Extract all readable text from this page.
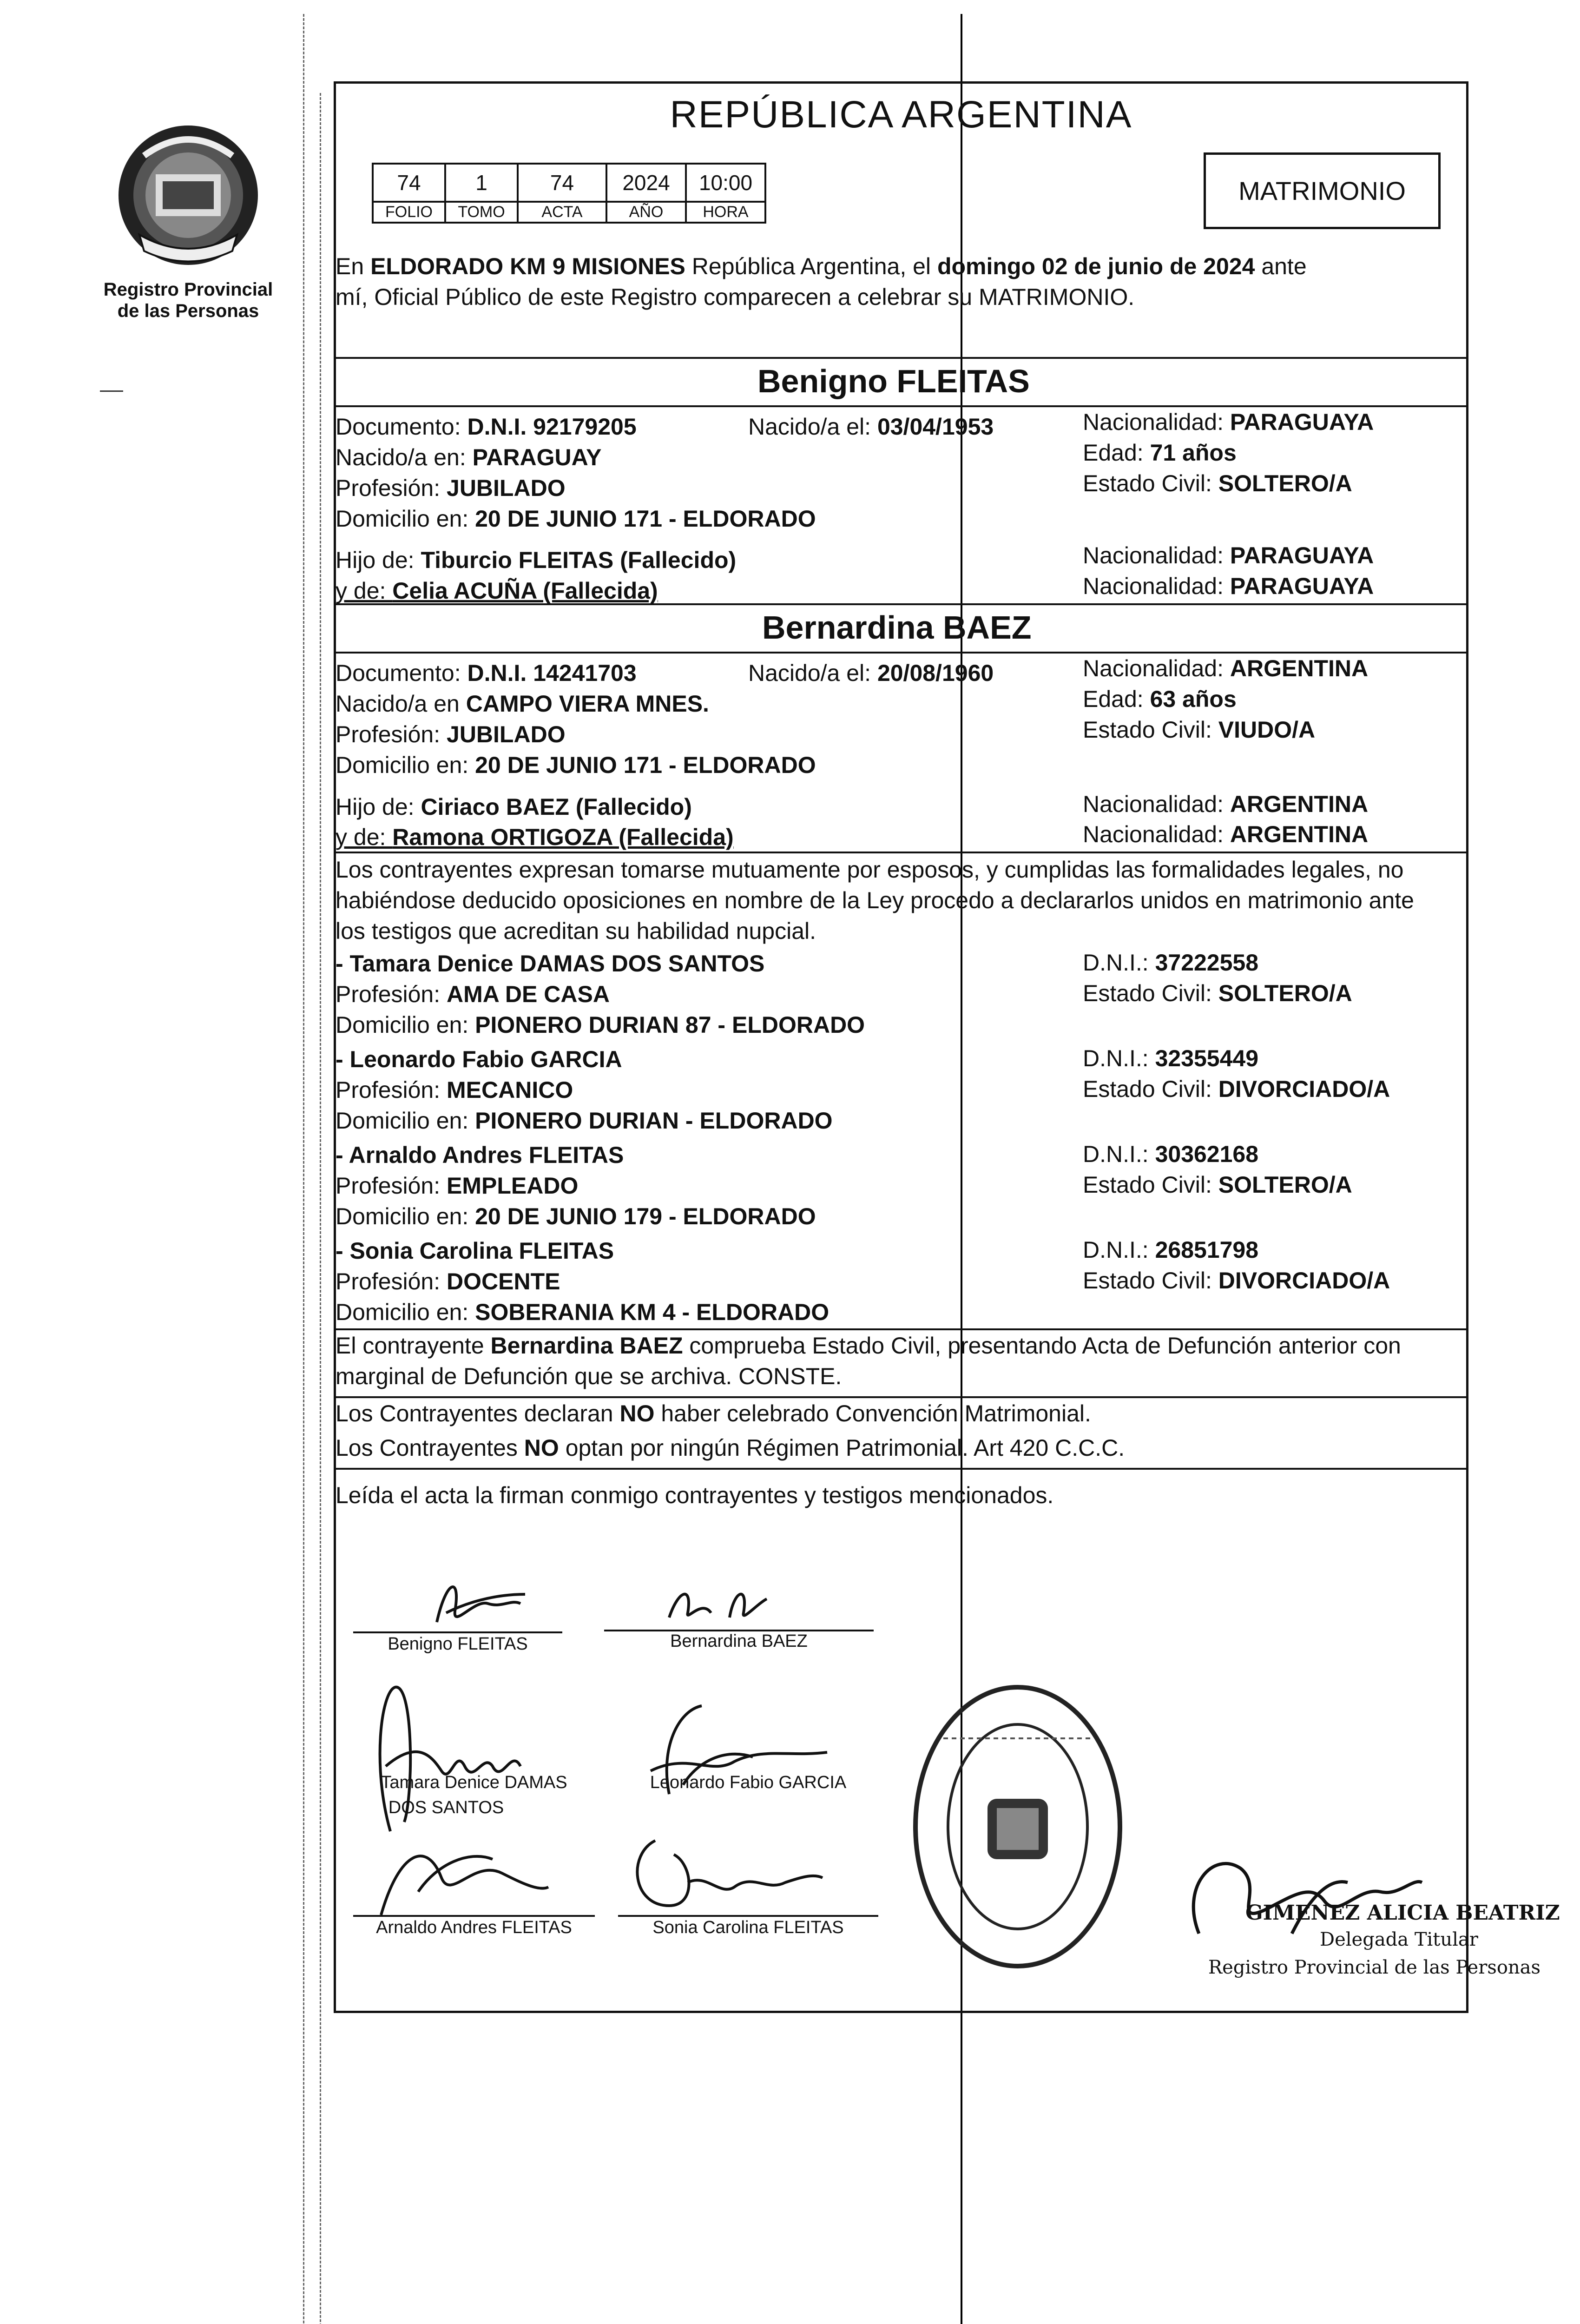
Registro Provincial
de las Personas
REPÚBLICA ARGENTINA
74	1	74	2024	10:00
FOLIO	TOMO	ACTA	AÑO	HORA
MATRIMONIO
En ELDORADO KM 9 MISIONES República Argentina, el domingo 02 de junio de 2024 ante
mí, Oficial Público de este Registro comparecen a celebrar su MATRIMONIO.
Benigno FLEITAS
Documento: D.N.I. 92179205	Nacido/a el: 03/04/1953	Nacionalidad: PARAGUAYA
Nacido/a en: PARAGUAY	Edad: 71 años
Profesión: JUBILADO	Estado Civil: SOLTERO/A
Domicilio en: 20 DE JUNIO 171 - ELDORADO
Hijo de: Tiburcio FLEITAS (Fallecido)	Nacionalidad: PARAGUAYA
y de: Celia ACUÑA (Fallecida)	Nacionalidad: PARAGUAYA
Bernardina BAEZ
Documento: D.N.I. 14241703	Nacido/a el: 20/08/1960	Nacionalidad: ARGENTINA
Nacido/a en CAMPO VIERA MNES.	Edad: 63 años
Profesión: JUBILADO	Estado Civil: VIUDO/A
Domicilio en: 20 DE JUNIO 171 - ELDORADO
Hijo de: Ciriaco BAEZ (Fallecido)	Nacionalidad: ARGENTINA
y de: Ramona ORTIGOZA (Fallecida)	Nacionalidad: ARGENTINA
Los contrayentes expresan tomarse mutuamente por esposos, y cumplidas las formalidades legales, no
habiéndose deducido oposiciones en nombre de la Ley procedo a declararlos unidos en matrimonio ante
los testigos que acreditan su habilidad nupcial.
- Tamara Denice DAMAS DOS SANTOS	D.N.I.: 37222558
Profesión: AMA DE CASA	Estado Civil: SOLTERO/A
Domicilio en: PIONERO DURIAN 87 - ELDORADO
- Leonardo Fabio GARCIA	D.N.I.: 32355449
Profesión: MECANICO	Estado Civil: DIVORCIADO/A
Domicilio en: PIONERO DURIAN - ELDORADO
- Arnaldo Andres FLEITAS	D.N.I.: 30362168
Profesión: EMPLEADO	Estado Civil: SOLTERO/A
Domicilio en: 20 DE JUNIO 179 - ELDORADO
- Sonia Carolina FLEITAS	D.N.I.: 26851798
Profesión: DOCENTE	Estado Civil: DIVORCIADO/A
Domicilio en: SOBERANIA KM 4 - ELDORADO
El contrayente Bernardina BAEZ comprueba Estado Civil, presentando Acta de Defunción anterior con
marginal de Defunción que se archiva. CONSTE.
Los Contrayentes declaran NO haber celebrado Convención Matrimonial.
Los Contrayentes NO optan por ningún Régimen Patrimonial. Art 420 C.C.C.
Leída el acta la firman conmigo contrayentes y testigos mencionados.
Benigno FLEITAS	Bernardina BAEZ
Tamara Denice DAMAS
DOS SANTOS
Leonardo Fabio GARCIA
Arnaldo Andres FLEITAS	Sonia Carolina FLEITAS
GIMENEZ ALICIA BEATRIZ
Delegada Titular
Registro Provincial de las Personas
